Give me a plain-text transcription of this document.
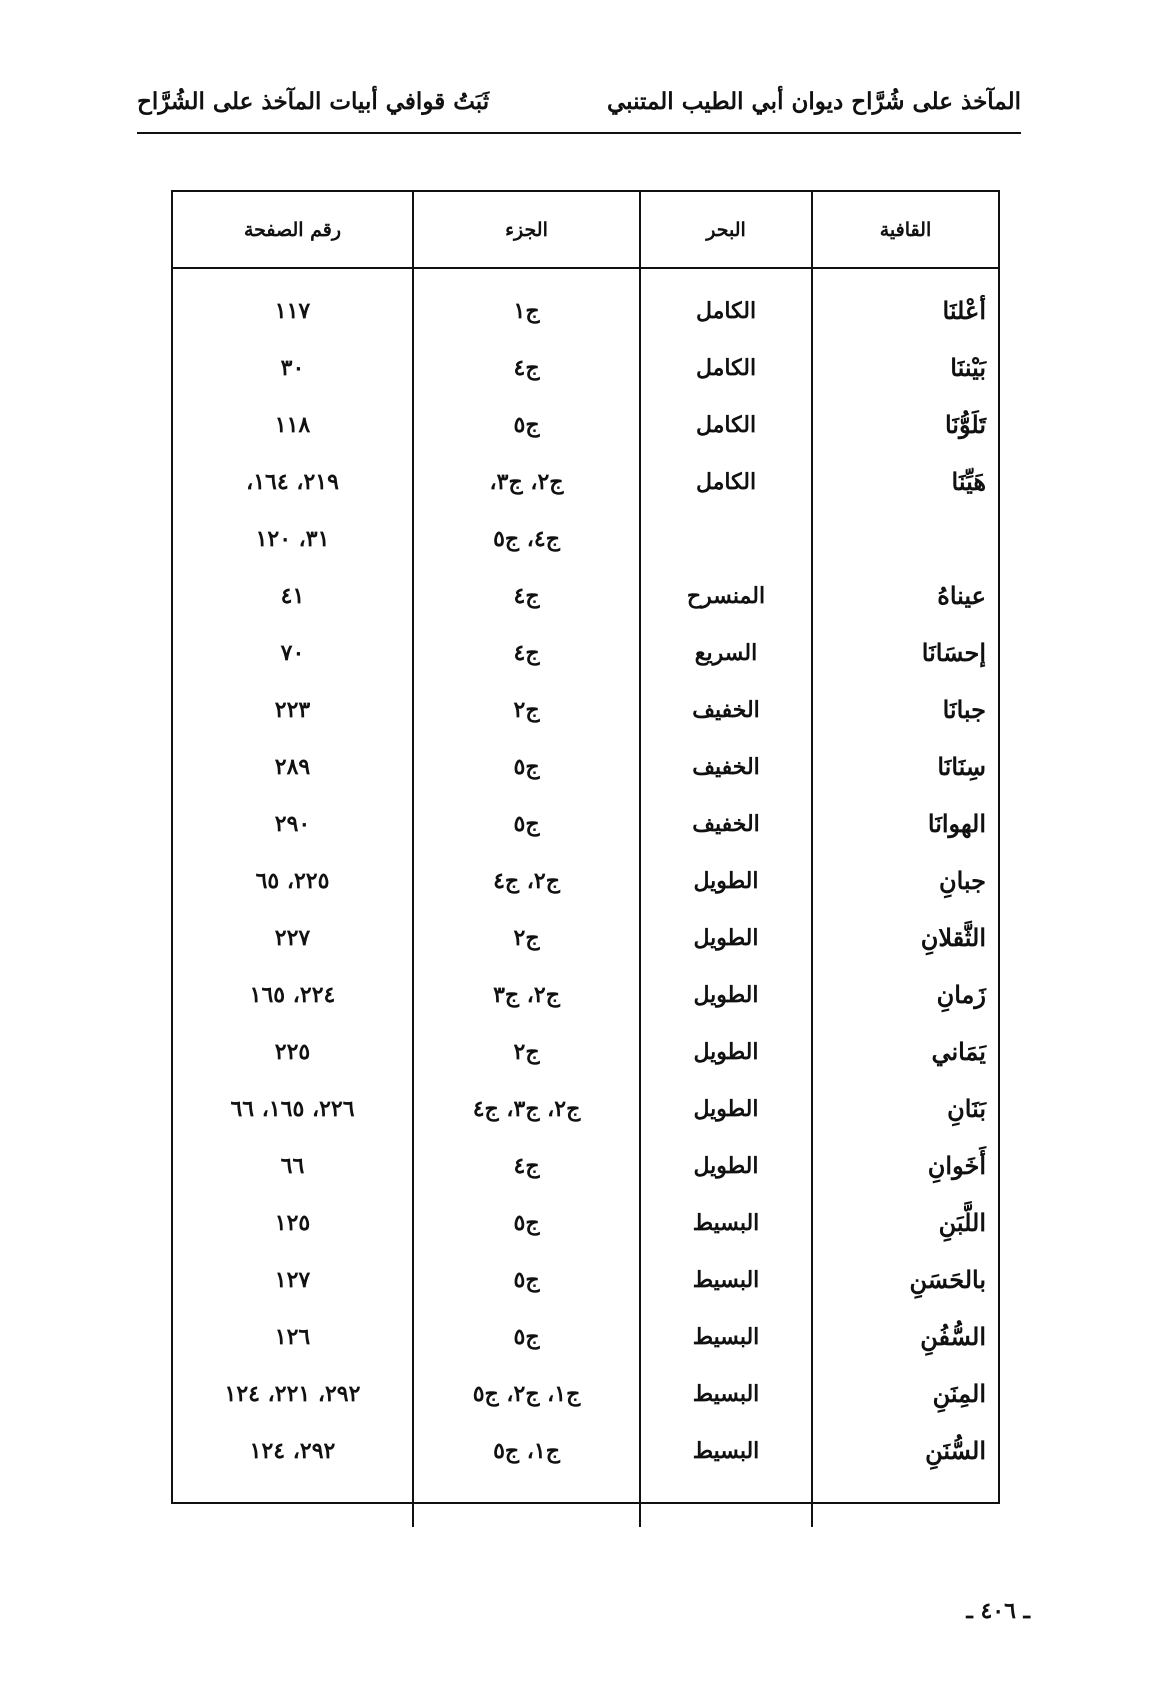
المآخذ على شُرَّاح ديوان أبي الطيب المتنبي
ثَبَتُ قوافي أبيات المآخذ على الشُرَّاح
القافية	البحر	الجزء	رقم الصفحة

أعْلنَا	الكامل	ج١	١١٧
بَيْننَا	الكامل	ج٤	٣٠
تَلَوُّنَا	الكامل	ج٥	١١٨
هَيِّنَا	الكامل	ج٢، ج٣،	٢١٩، ١٦٤،
		ج٤، ج٥	٣١، ١٢٠
عيناهُ	المنسرح	ج٤	٤١
إحسَانَا	السريع	ج٤	٧٠
جبانَا	الخفيف	ج٢	٢٢٣
سِنَانَا	الخفيف	ج٥	٢٨٩
الهوانَا	الخفيف	ج٥	٢٩٠
جبانِ	الطويل	ج٢، ج٤	٢٢٥، ٦٥
الثَّقلانِ	الطويل	ج٢	٢٢٧
زَمانِ	الطويل	ج٢، ج٣	٢٢٤، ١٦٥
يَمَاني	الطويل	ج٢	٢٢٥
بَنَانِ	الطويل	ج٢، ج٣، ج٤	٢٢٦، ١٦٥، ٦٦
أَخَوانِ	الطويل	ج٤	٦٦
اللَّبَنِ	البسيط	ج٥	١٢٥
بالحَسَنِ	البسيط	ج٥	١٢٧
السُّفُنِ	البسيط	ج٥	١٢٦
المِنَنِ	البسيط	ج١، ج٢، ج٥	٢٩٢، ٢٢١، ١٢٤
السُّنَنِ	البسيط	ج١، ج٥	٢٩٢، ١٢٤

ـ ٤٠٦ ـ
